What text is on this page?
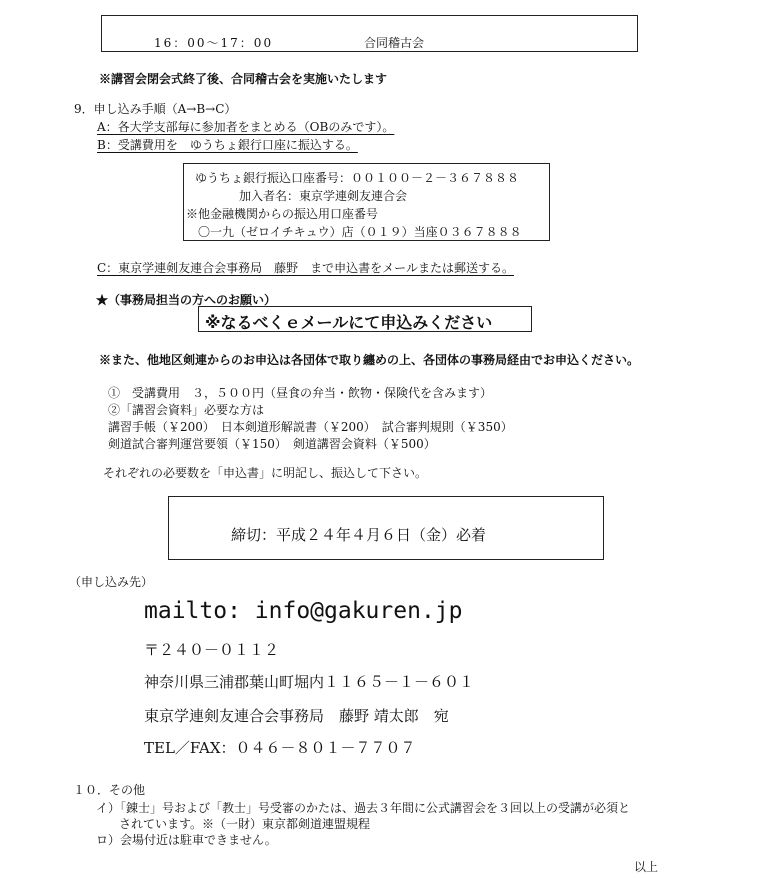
16：00～17：00	合同稽古会
※講習会閉会式終了後、合同稽古会を実施いたします
9．申し込み手順（A→B→C）
A：各大学支部毎に参加者をまとめる（OBのみです）。
B：受講費用を　ゆうちょ銀行口座に振込する。
ゆうちょ銀行振込口座番号：００１００－２－３６７８８８
加入者名：東京学連剣友連合会
※他金融機関からの振込用口座番号
〇一九（ゼロイチキュウ）店（０１９）当座０３６７８８８
C：東京学連剣友連合会事務局　藤野　まで申込書をメールまたは郵送する。
★（事務局担当の方へのお願い）
※なるべくｅメールにて申込みください
※また、他地区剣連からのお申込は各団体で取り纏めの上、各団体の事務局経由でお申込ください。
①　受講費用　３，５００円（昼食の弁当・飲物・保険代を含みます）
②「講習会資料」必要な方は
講習手帳（￥200）　日本剣道形解説書（￥200）　試合審判規則（￥350）
剣道試合審判運営要領（￥150）　剣道講習会資料（￥500）
それぞれの必要数を「申込書」に明記し、振込して下さい。
締切：平成２４年４月６日（金）必着
（申し込み先）
mailto: info@gakuren.jp
〒２４０－０１１２
神奈川県三浦郡葉山町堀内１１６５－１－６０１
東京学連剣友連合会事務局　藤野 靖太郎　宛
TEL／FAX：０４６－８０１－７７０７
１０．その他
イ）「錬士」号および「教士」号受審のかたは、過去３年間に公式講習会を３回以上の受講が必須と
されています。※（一財）東京都剣道連盟規程
ロ）会場付近は駐車できません。
以上
